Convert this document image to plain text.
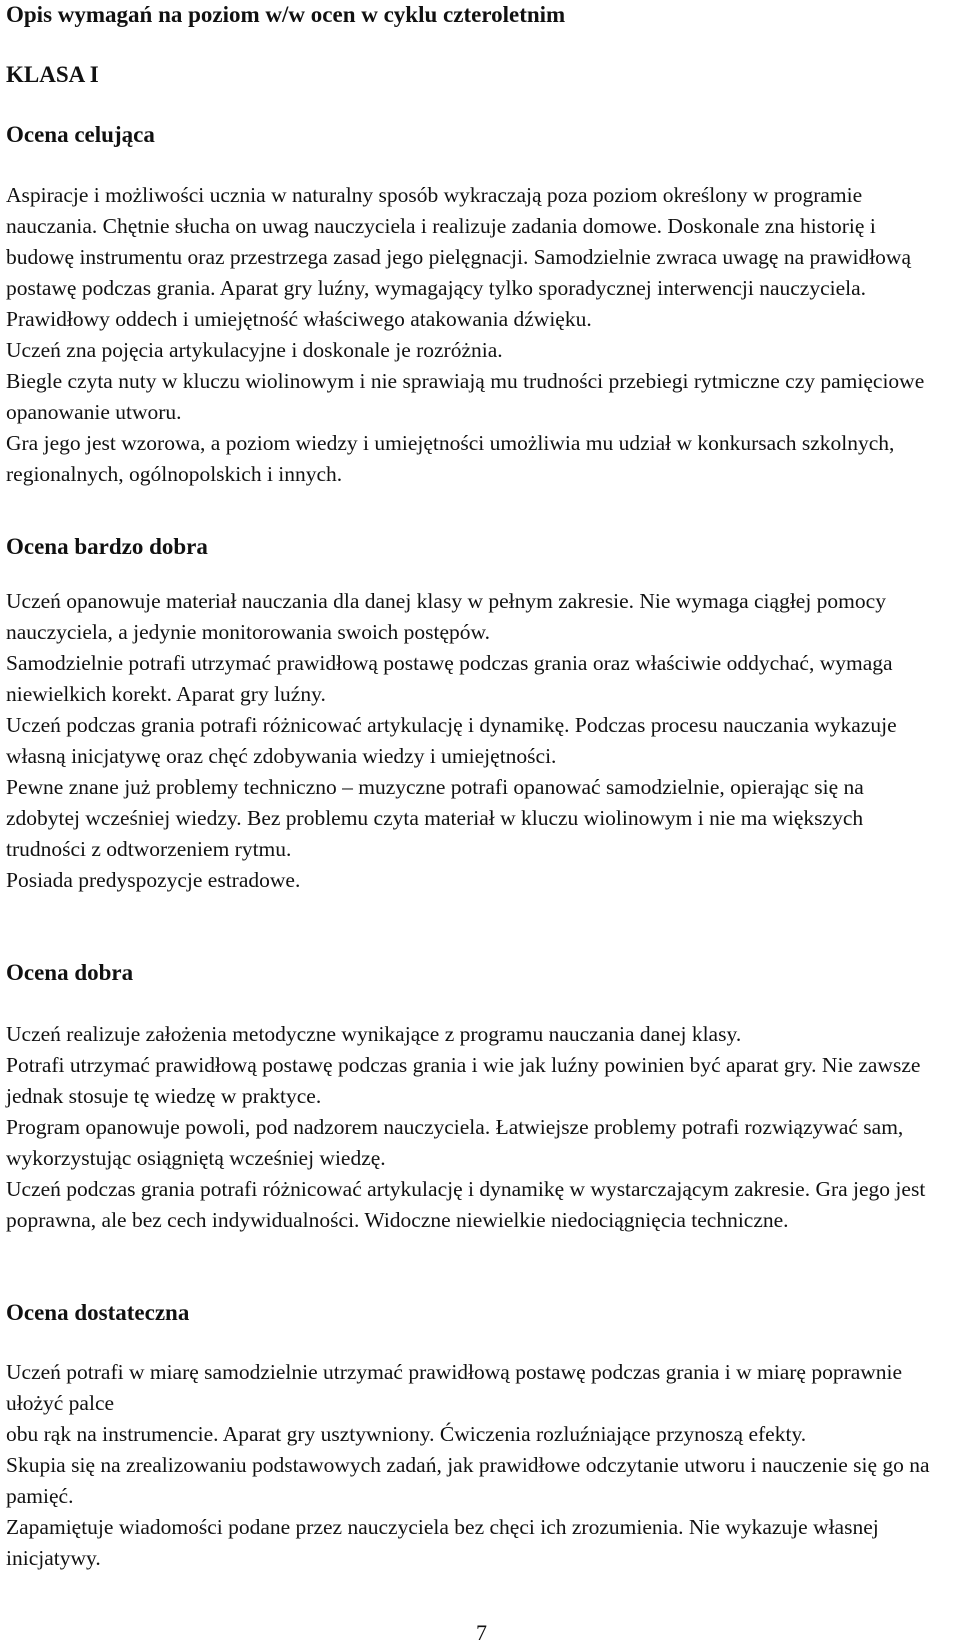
Opis wymagań na poziom w/w ocen w cyklu czteroletnim
KLASA I
Ocena celująca

Aspiracje i możliwości ucznia w naturalny sposób wykraczają poza poziom określony w programie nauczania. Chętnie słucha on uwag nauczyciela i realizuje zadania domowe. Doskonale zna historię i budowę instrumentu oraz przestrzega zasad jego pielęgnacji. Samodzielnie zwraca uwagę na prawidłową postawę podczas grania. Aparat gry luźny, wymagający tylko sporadycznej interwencji nauczyciela. Prawidłowy oddech i umiejętność właściwego atakowania dźwięku.

Uczeń zna pojęcia artykulacyjne i doskonale je rozróżnia.

Biegle czyta nuty w kluczu wiolinowym i nie sprawiają mu trudności przebiegi rytmiczne czy pamięciowe opanowanie utworu.

Gra jego jest wzorowa, a poziom wiedzy i umiejętności umożliwia mu udział w konkursach szkolnych, regionalnych, ogólnopolskich i innych.

Ocena bardzo dobra

Uczeń opanowuje materiał nauczania dla danej klasy w pełnym zakresie. Nie wymaga ciągłej pomocy nauczyciela, a jedynie monitorowania swoich postępów.

Samodzielnie potrafi utrzymać prawidłową postawę podczas grania oraz właściwie oddychać, wymaga niewielkich korekt. Aparat gry luźny.

Uczeń podczas grania potrafi różnicować artykulację i dynamikę. Podczas procesu nauczania wykazuje własną inicjatywę oraz chęć zdobywania wiedzy i umiejętności.

Pewne znane już problemy techniczno – muzyczne potrafi opanować samodzielnie, opierając się na zdobytej wcześniej wiedzy. Bez problemu czyta materiał w kluczu wiolinowym i nie ma większych trudności z odtworzeniem rytmu.

Posiada predyspozycje estradowe.

Ocena dobra

Uczeń realizuje założenia metodyczne wynikające z programu nauczania danej klasy.

Potrafi utrzymać prawidłową postawę podczas grania i wie jak luźny powinien być aparat gry. Nie zawsze jednak stosuje tę wiedzę w praktyce.

Program opanowuje powoli, pod nadzorem nauczyciela. Łatwiejsze problemy potrafi rozwiązywać sam, wykorzystując osiągniętą wcześniej wiedzę.

Uczeń podczas grania potrafi różnicować artykulację i dynamikę w wystarczającym zakresie. Gra jego jest poprawna, ale bez cech indywidualności. Widoczne niewielkie niedociągnięcia techniczne.

Ocena dostateczna

Uczeń potrafi w miarę samodzielnie utrzymać prawidłową postawę podczas grania i w miarę poprawnie ułożyć palce

obu rąk na instrumencie. Aparat gry usztywniony. Ćwiczenia rozluźniające przynoszą efekty.

Skupia się na zrealizowaniu podstawowych zadań, jak prawidłowe odczytanie utworu i nauczenie się go na pamięć.

Zapamiętuje wiadomości podane przez nauczyciela bez chęci ich zrozumienia. Nie wykazuje własnej inicjatywy.

7
